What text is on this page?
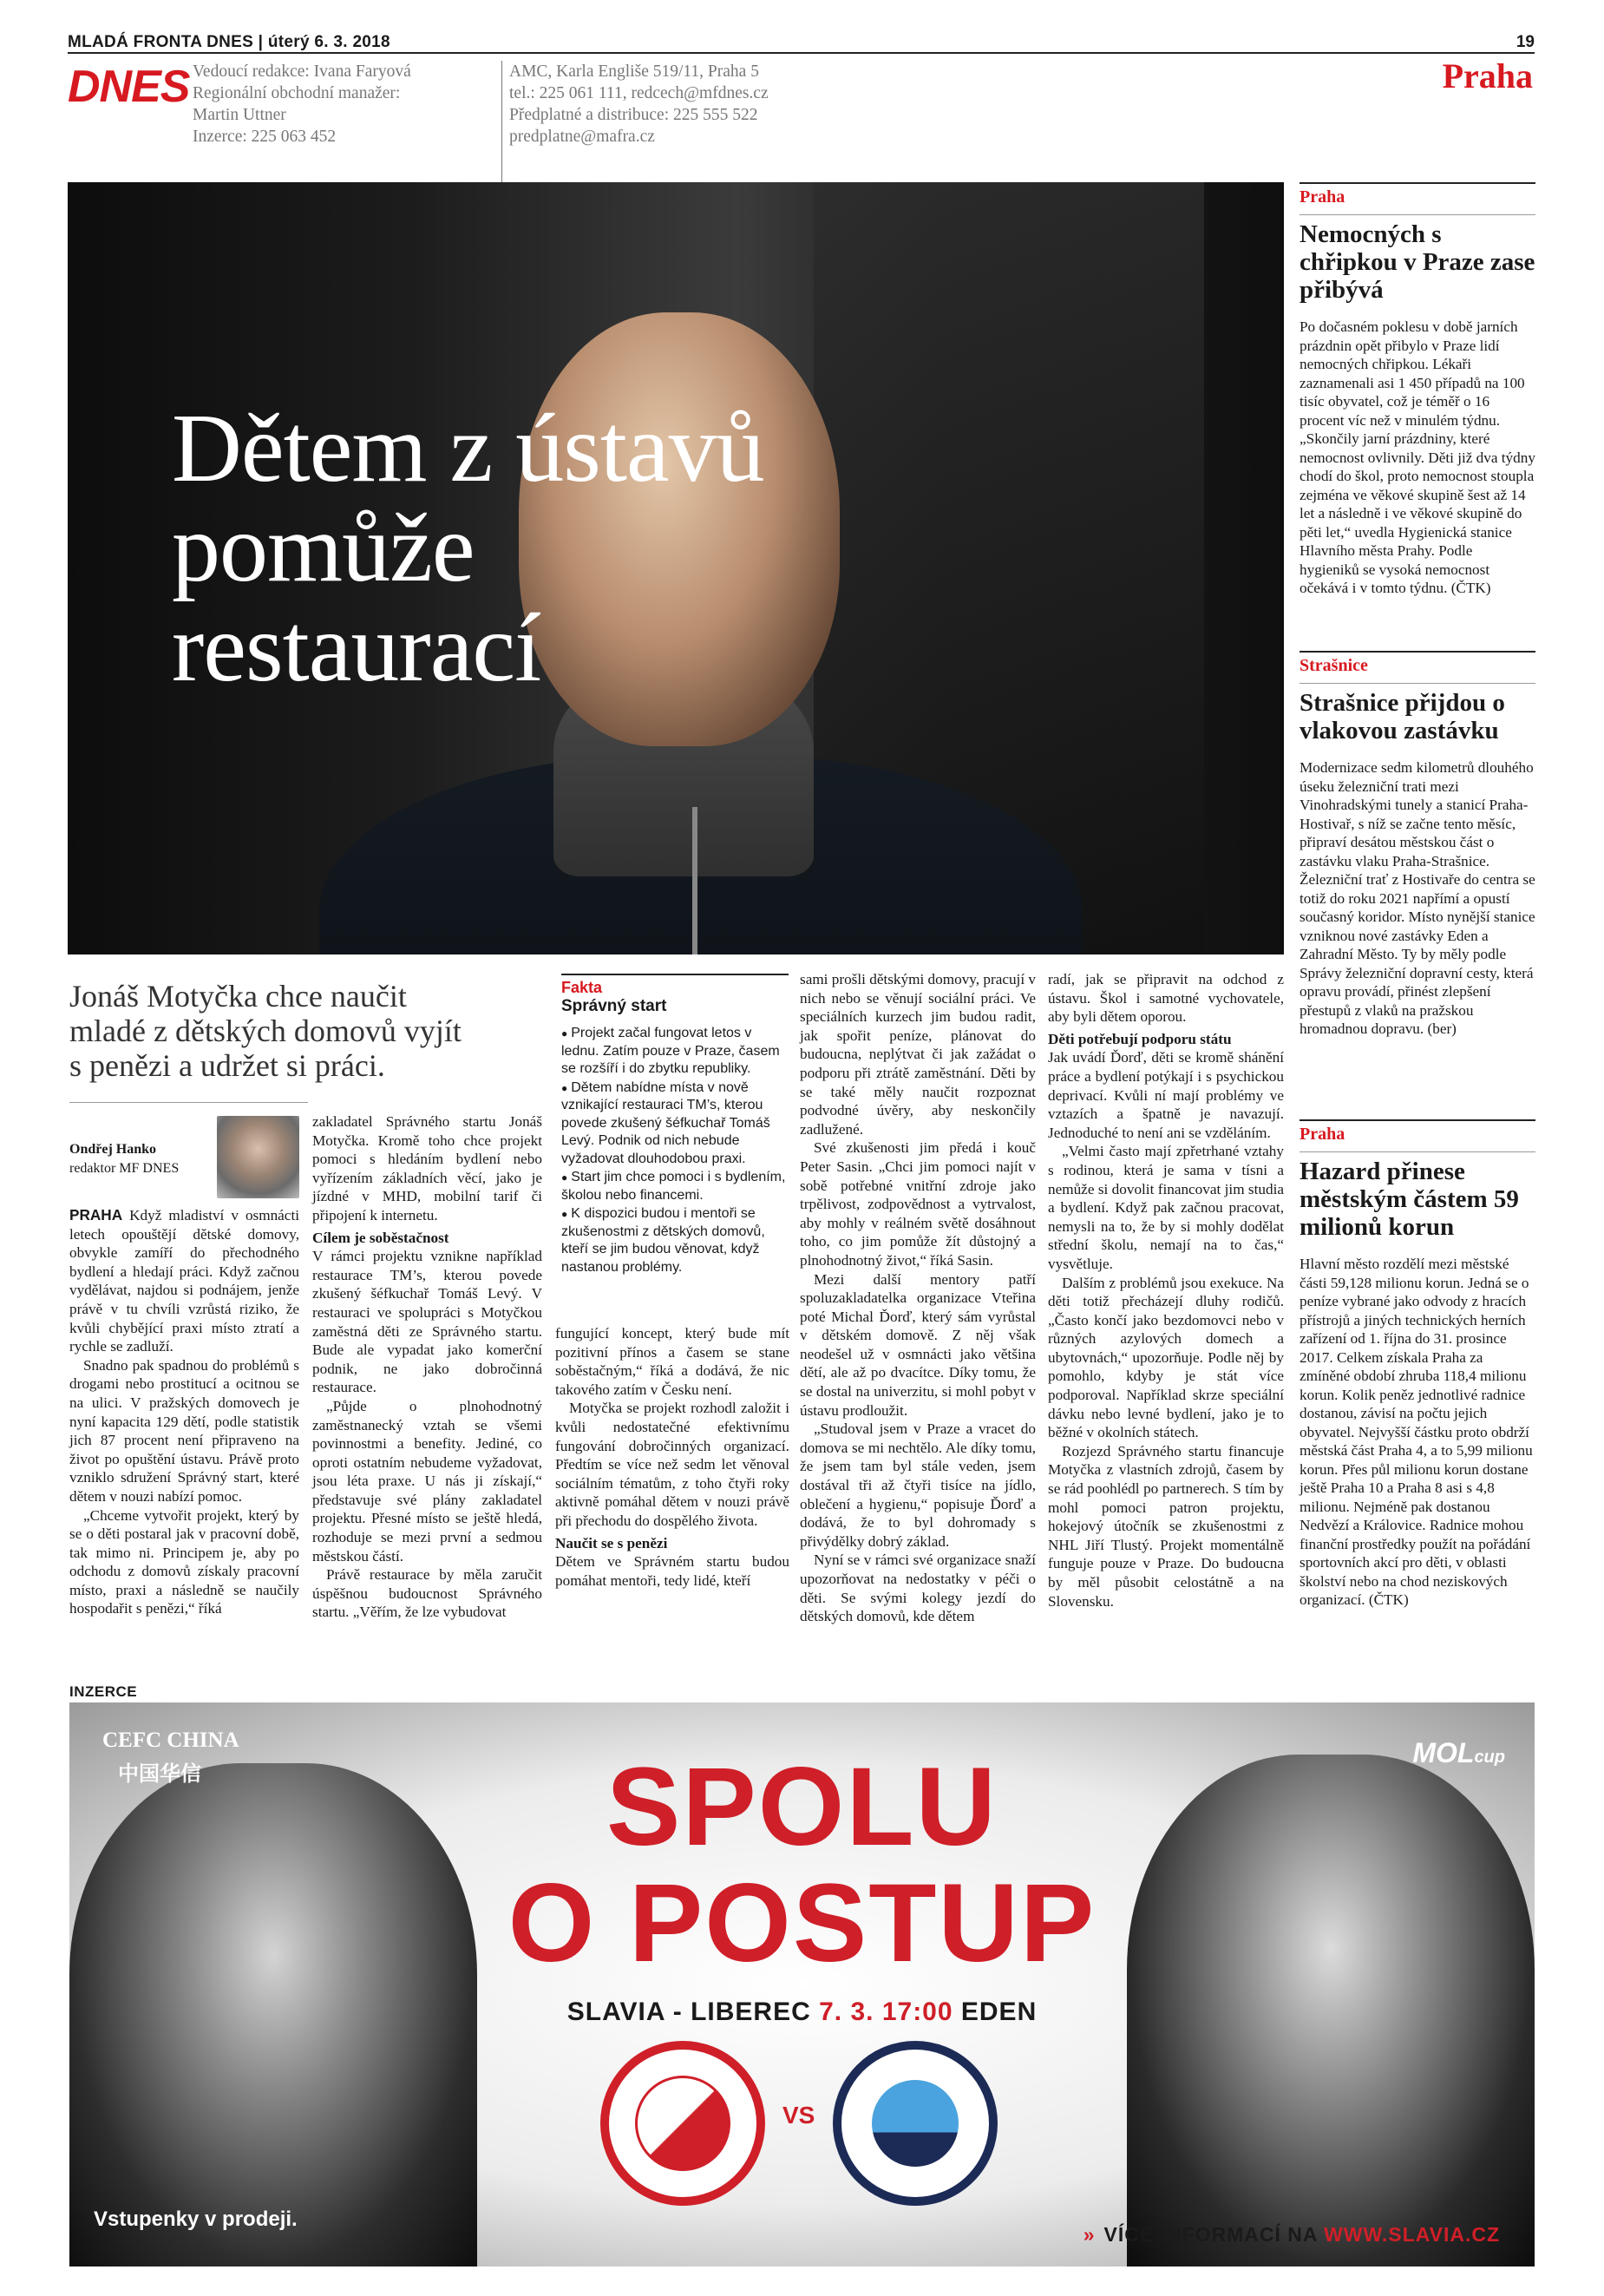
MLADÁ FRONTA DNES | úterý 6. 3. 2018	19
DNES Vedoucí redakce: Ivana Faryová
Regionální obchodní manažer:
Martin Uttner
Inzerce: 225 063 452
AMC, Karla Engliše 519/11, Praha 5
tel.: 225 061 111, redcech@mfdnes.cz
Předplatné a distribuce: 225 555 522
predplatne@mafra.cz
Praha
Dětem z ústavů pomůže restaurací
Praha
Nemocných s chřipkou v Praze zase přibývá

Po dočasném poklesu v době jarních prázdnin opět přibylo v Praze lidí nemocných chřipkou. Lékaři zaznamenali asi 1 450 případů na 100 tisíc obyvatel, což je téměř o 16 procent víc než v minulém týdnu. „Skončily jarní prázdniny, které nemocnost ovlivnily. Děti již dva týdny chodí do škol, proto nemocnost stoupla zejména ve věkové skupině šest až 14 let a následně i ve věkové skupině do pěti let,“ uvedla Hygienická stanice Hlavního města Prahy. Podle hygieniků se vysoká nemocnost očekává i v tomto týdnu. (ČTK)

Strašnice
Strašnice přijdou o vlakovou zastávku

Modernizace sedm kilometrů dlouhého úseku železniční trati mezi Vinohradskými tunely a stanicí Praha-Hostivař, s níž se začne tento měsíc, připraví desátou městskou část o zastávku vlaku Praha-Strašnice. Železniční trať z Hostivaře do centra se totiž do roku 2021 napřímí a opustí současný koridor. Místo nynější stanice vzniknou nové zastávky Eden a Zahradní Město. Ty by měly podle Správy železniční dopravní cesty, která opravu provádí, přinést zlepšení přestupů z vlaků na pražskou hromadnou dopravu. (ber)

Praha
Hazard přinese městským částem 59 milionů korun

Hlavní město rozdělí mezi městské části 59,128 milionu korun. Jedná se o peníze vybrané jako odvody z hracích přístrojů a jiných technických herních zařízení od 1. října do 31. prosince 2017. Celkem získala Praha za zmíněné období zhruba 118,4 milionu korun. Kolik peněz jednotlivé radnice dostanou, závisí na počtu jejich obyvatel. Nejvyšší částku proto obdrží městská část Praha 4, a to 5,99 milionu korun. Přes půl milionu korun dostane ještě Praha 10 a Praha 8 asi s 4,8 milionu. Nejméně pak dostanou Nedvězí a Královice. Radnice mohou finanční prostředky použít na pořádání sportovních akcí pro děti, v oblasti školství nebo na chod neziskových organizací. (ČTK)

Jonáš Motyčka chce naučit mladé z dětských domovů vyjít s penězi a udržet si práci.
Ondřej Hanko
redaktor MF DNES

PRAHA Když mladiství v osmnácti letech opouštějí dětské domovy, obvykle zamíří do přechodného bydlení a hledají práci. Když začnou vydělávat, najdou si podnájem, jenže právě v tu chvíli vzrůstá riziko, že kvůli chybějící praxi místo ztratí a rychle se zadluží.

Snadno pak spadnou do problémů s drogami nebo prostitucí a ocitnou se na ulici. V pražských domovech je nyní kapacita 129 dětí, podle statistik jich 87 procent není připraveno na život po opuštění ústavu. Právě proto vzniklo sdružení Správný start, které dětem v nouzi nabízí pomoc.

„Chceme vytvořit projekt, který by se o děti postaral jak v pracovní době, tak mimo ni. Principem je, aby po odchodu z domovů získaly pracovní místo, praxi a následně se naučily hospodařit s penězi,“ říká

zakladatel Správného startu Jonáš Motyčka. Kromě toho chce projekt pomoci s hledáním bydlení nebo vyřízením základních věcí, jako je jízdné v MHD, mobilní tarif či připojení k internetu.

Cílem je soběstačnost

V rámci projektu vznikne například restaurace TM’s, kterou povede zkušený šéfkuchař Tomáš Levý. V restauraci ve spolupráci s Motyčkou zaměstná děti ze Správného startu. Bude ale vypadat jako komerční podnik, ne jako dobročinná restaurace.

„Půjde o plnohodnotný zaměstnanecký vztah se všemi povinnostmi a benefity. Jediné, co oproti ostatním nebudeme vyžadovat, jsou léta praxe. U nás ji získají,“ představuje své plány zakladatel projektu. Přesné místo se ještě hledá, rozhoduje se mezi první a sedmou městskou částí.

Právě restaurace by měla zaručit úspěšnou budoucnost Správného startu. „Věřím, že lze vybudovat

Fakta
Správný start
● Projekt začal fungovat letos v lednu. Zatím pouze v Praze, časem se rozšíří i do zbytku republiky.
● Dětem nabídne místa v nově vznikající restauraci TM’s, kterou povede zkušený šéfkuchař Tomáš Levý. Podnik od nich nebude vyžadovat dlouhodobou praxi.
● Start jim chce pomoci i s bydlením, školou nebo financemi.
● K dispozici budou i mentoři se zkušenostmi z dětských domovů, kteří se jim budou věnovat, když nastanou problémy.

fungující koncept, který bude mít pozitivní přínos a časem se stane soběstačným,“ říká a dodává, že nic takového zatím v Česku není.

Motyčka se projekt rozhodl založit i kvůli nedostatečné efektivnímu fungování dobročinných organizací. Předtím se více než sedm let věnoval sociálním tématům, z toho čtyři roky aktivně pomáhal dětem v nouzi právě při přechodu do dospělého života.

Naučit se s penězi

Dětem ve Správném startu budou pomáhat mentoři, tedy lidé, kteří

sami prošli dětskými domovy, pracují v nich nebo se věnují sociální práci. Ve speciálních kurzech jim budou radit, jak spořit peníze, plánovat do budoucna, neplýtvat či jak zažádat o podporu při ztrátě zaměstnání. Děti by se také měly naučit rozpoznat podvodné úvěry, aby neskončily zadlužené.

Své zkušenosti jim předá i kouč Peter Sasin. „Chci jim pomoci najít v sobě potřebné vnitřní zdroje jako trpělivost, zodpovědnost a vytrvalost, aby mohly v reálném světě dosáhnout toho, co jim pomůže žít důstojný a plnohodnotný život,“ říká Sasin.

Mezi další mentory patří spoluzakladatelka organizace Vteřina poté Michal Ďorď, který sám vyrůstal v dětském domově. Z něj však neodešel už v osmnácti jako většina dětí, ale až po dvacítce. Díky tomu, že se dostal na univerzitu, si mohl pobyt v ústavu prodloužit.

„Studoval jsem v Praze a vracet do domova se mi nechtělo. Ale díky tomu, že jsem tam byl stále veden, jsem dostával tři až čtyři tisíce na jídlo, oblečení a hygienu,“ popisuje Ďorď a dodává, že to byl dohromady s přivýdělky dobrý základ.

Nyní se v rámci své organizace snaží upozorňovat na nedostatky v péči o děti. Se svými kolegy jezdí do dětských domovů, kde dětem

radí, jak se připravit na odchod z ústavu. Škol i samotné vychovatele, aby byli dětem oporou.

Děti potřebují podporu státu

Jak uvádí Ďorď, děti se kromě shánění práce a bydlení potýkají i s psychickou deprivací. Kvůli ní mají problémy ve vztazích a špatně je navazují. Jednoduché to není ani se vzděláním.

„Velmi často mají zpřetrhané vztahy s rodinou, která je sama v tísni a nemůže si dovolit financovat jim studia a bydlení. Když pak začnou pracovat, nemysli na to, že by si mohly dodělat střední školu, nemají na to čas,“ vysvětluje.

Dalším z problémů jsou exekuce. Na děti totiž přecházejí dluhy rodičů. „Často končí jako bezdomovci nebo v různých azylových domech a ubytovnách,“ upozorňuje. Podle něj by pomohlo, kdyby je stát více podporoval. Například skrze speciální dávku nebo levné bydlení, jako je to běžné v okolních státech.

Rozjezd Správného startu financuje Motyčka z vlastních zdrojů, časem by se rád poohlédl po partnerech. S tím by mohl pomoci patron projektu, hokejový útočník se zkušenostmi z NHL Jiří Tlustý. Projekt momentálně funguje pouze v Praze. Do budoucna by měl působit celostátně a na Slovensku.

INZERCE
CEFC CHINA
中国华信
MOLcup
SPOLU
O POSTUP
SLAVIA - LIBEREC 7. 3. 17:00 EDEN
VS
Vstupenky v prodeji.
» VÍCE INFORMACÍ NA WWW.SLAVIA.CZ
